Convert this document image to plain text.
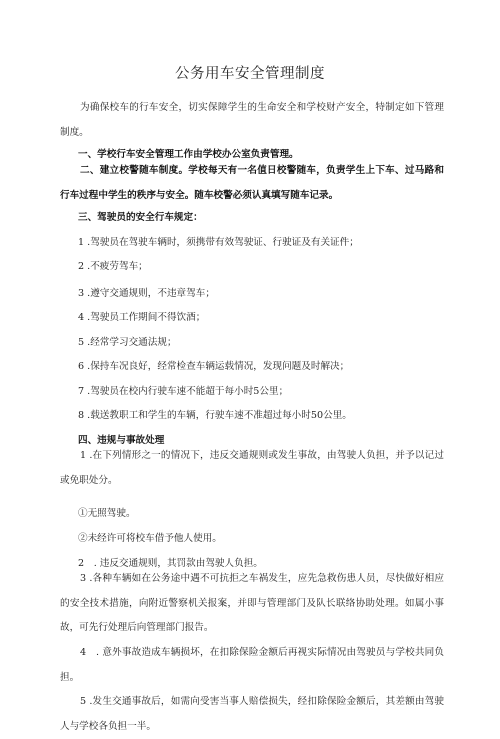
公务用车安全管理制度

为确保校车的行车安全，切实保障学生的生命安全和学校财产安全，特制定如下管理制度。

一、学校行车安全管理工作由学校办公室负责管理。

二、建立校警随车制度。学校每天有一名值日校警随车，负责学生上下车、过马路和行车过程中学生的秩序与安全。随车校警必须认真填写随车记录。

三、驾驶员的安全行车规定：
1 .驾驶员在驾驶车辆时，须携带有效驾驶证、行驶证及有关证件；
2 .不疲劳驾车；
3 .遵守交通规则，不违章驾车；
4 .驾驶员工作期间不得饮酒；
5 .经常学习交通法规；
6 .保持车况良好，经常检查车辆运载情况，发现问题及时解决；
7 .驾驶员在校内行驶车速不能超于每小时5公里；
8 .载送教职工和学生的车辆，行驶车速不准超过每小时50公里。
四、违规与事故处理

1 .在下列情形之一的情况下，违反交通规则或发生事故，由驾驶人负担，并予以记过或免职处分。

①无照驾驶。
②未经许可将校车借予他人使用。
2　. 违反交通规则，其罚款由驾驶人负担。

3 .各种车辆如在公务途中遇不可抗拒之车祸发生，应先急救伤患人员，尽快做好相应的安全技术措施，向附近警察机关报案，并即与管理部门及队长联络协助处理。如属小事故，可先行处理后向管理部门报告。

4　. 意外事故造成车辆损坏，在扣除保险金额后再视实际情况由驾驶员与学校共同负担。

5 .发生交通事故后，如需向受害当事人赔偿损失，经扣除保险金额后，其差额由驾驶人与学校各负担一半。
